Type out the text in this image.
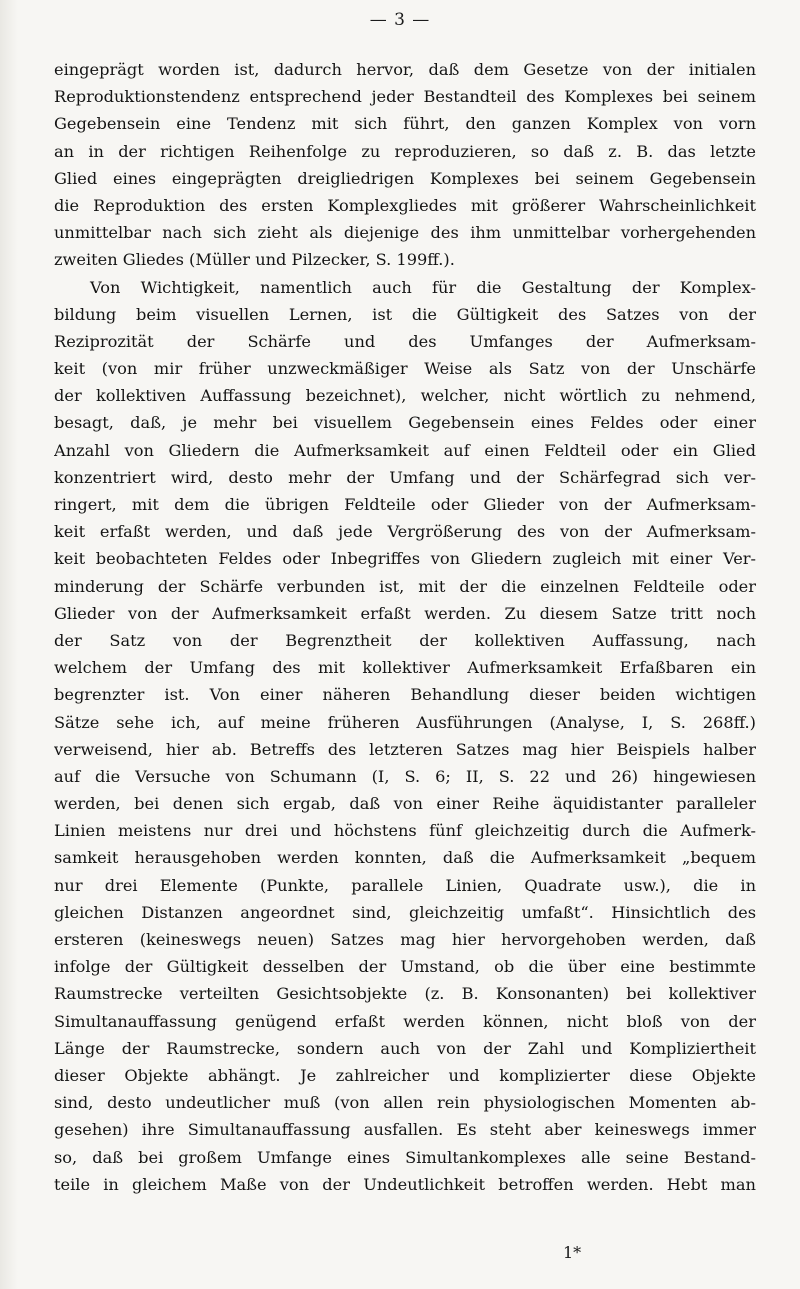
— 3 —
eingeprägt worden ist, dadurch hervor, daß dem Gesetze von der initialen
Reproduktionstendenz entsprechend jeder Bestandteil des Komplexes bei seinem
Gegebensein eine Tendenz mit sich führt, den ganzen Komplex von vorn
an in der richtigen Reihenfolge zu reproduzieren, so daß z. B. das letzte
Glied eines eingeprägten dreigliedrigen Komplexes bei seinem Gegebensein
die Reproduktion des ersten Komplexgliedes mit größerer Wahrscheinlichkeit
unmittelbar nach sich zieht als diejenige des ihm unmittelbar vorhergehenden
zweiten Gliedes (Müller und Pilzecker, S. 199ff.).
Von Wichtigkeit, namentlich auch für die Gestaltung der Komplex-
bildung beim visuellen Lernen, ist die Gültigkeit des Satzes von der
Reziprozität der Schärfe und des Umfanges der Aufmerksam-
keit (von mir früher unzweckmäßiger Weise als Satz von der Unschärfe
der kollektiven Auffassung bezeichnet), welcher, nicht wörtlich zu nehmend,
besagt, daß, je mehr bei visuellem Gegebensein eines Feldes oder einer
Anzahl von Gliedern die Aufmerksamkeit auf einen Feldteil oder ein Glied
konzentriert wird, desto mehr der Umfang und der Schärfegrad sich ver-
ringert, mit dem die übrigen Feldteile oder Glieder von der Aufmerksam-
keit erfaßt werden, und daß jede Vergrößerung des von der Aufmerksam-
keit beobachteten Feldes oder Inbegriffes von Gliedern zugleich mit einer Ver-
minderung der Schärfe verbunden ist, mit der die einzelnen Feldteile oder
Glieder von der Aufmerksamkeit erfaßt werden. Zu diesem Satze tritt noch
der Satz von der Begrenztheit der kollektiven Auffassung, nach
welchem der Umfang des mit kollektiver Aufmerksamkeit Erfaßbaren ein
begrenzter ist. Von einer näheren Behandlung dieser beiden wichtigen
Sätze sehe ich, auf meine früheren Ausführungen (Analyse, I, S. 268ff.)
verweisend, hier ab. Betreffs des letzteren Satzes mag hier Beispiels halber
auf die Versuche von Schumann (I, S. 6; II, S. 22 und 26) hingewiesen
werden, bei denen sich ergab, daß von einer Reihe äquidistanter paralleler
Linien meistens nur drei und höchstens fünf gleichzeitig durch die Aufmerk-
samkeit herausgehoben werden konnten, daß die Aufmerksamkeit „bequem
nur drei Elemente (Punkte, parallele Linien, Quadrate usw.), die in
gleichen Distanzen angeordnet sind, gleichzeitig umfaßt“. Hinsichtlich des
ersteren (keineswegs neuen) Satzes mag hier hervorgehoben werden, daß
infolge der Gültigkeit desselben der Umstand, ob die über eine bestimmte
Raumstrecke verteilten Gesichtsobjekte (z. B. Konsonanten) bei kollektiver
Simultanauffassung genügend erfaßt werden können, nicht bloß von der
Länge der Raumstrecke, sondern auch von der Zahl und Kompliziertheit
dieser Objekte abhängt. Je zahlreicher und komplizierter diese Objekte
sind, desto undeutlicher muß (von allen rein physiologischen Momenten ab-
gesehen) ihre Simultanauffassung ausfallen. Es steht aber keineswegs immer
so, daß bei großem Umfange eines Simultankomplexes alle seine Bestand-
teile in gleichem Maße von der Undeutlichkeit betroffen werden. Hebt man
1*
